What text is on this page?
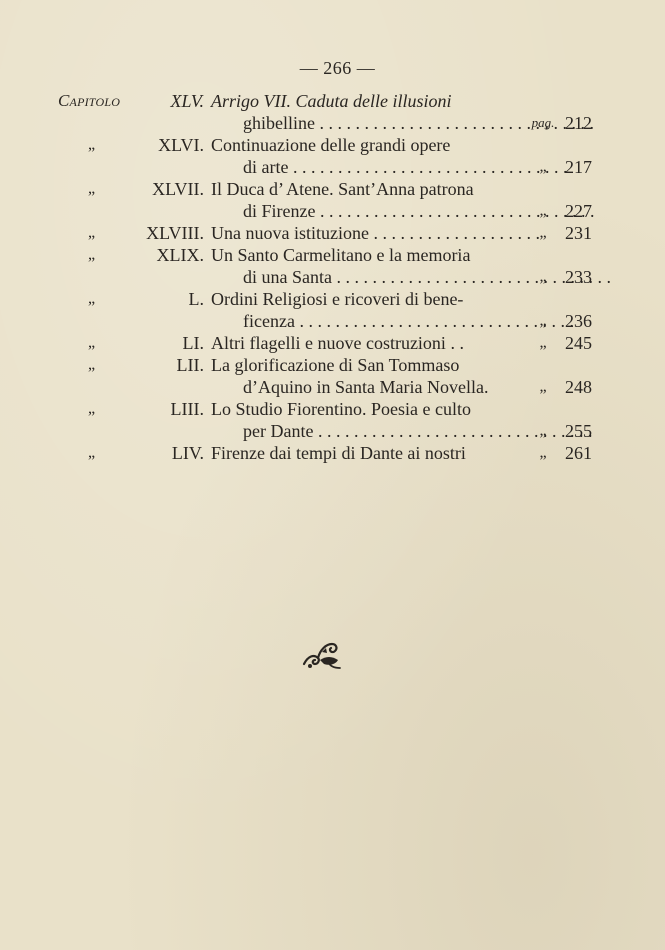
— 266 —
Capitolo	XLV. Arrigo VII. Caduta delle illusioni
ghibelline . . .	pag. 212
„	XLVI. Continuazione delle grandi opere
di arte . . .	„	217
„	XLVII. Il Duca d’ Atene. Sant’Anna patrona
di Firenze . . .	„	227
„	XLVIII. Una nuova istituzione . . . . . . . . . . . . . . . . . . . „	231
„	XLIX. Un Santo Carmelitano e la memoria
di una Santa . . .	„	233
„	L. Ordini Religiosi e ricoveri di bene-
ficenza . . .	„	236
„	LI. Altri flagelli e nuove costruzioni . .	„	245
„	LII. La glorificazione di San Tommaso
d’Aquino in Santa Maria Novella.	„	248
„	LIII. Lo Studio Fiorentino. Poesia e culto
per Dante . . .	„	255
„	LIV. Firenze dai tempi di Dante ai nostri	„	261
